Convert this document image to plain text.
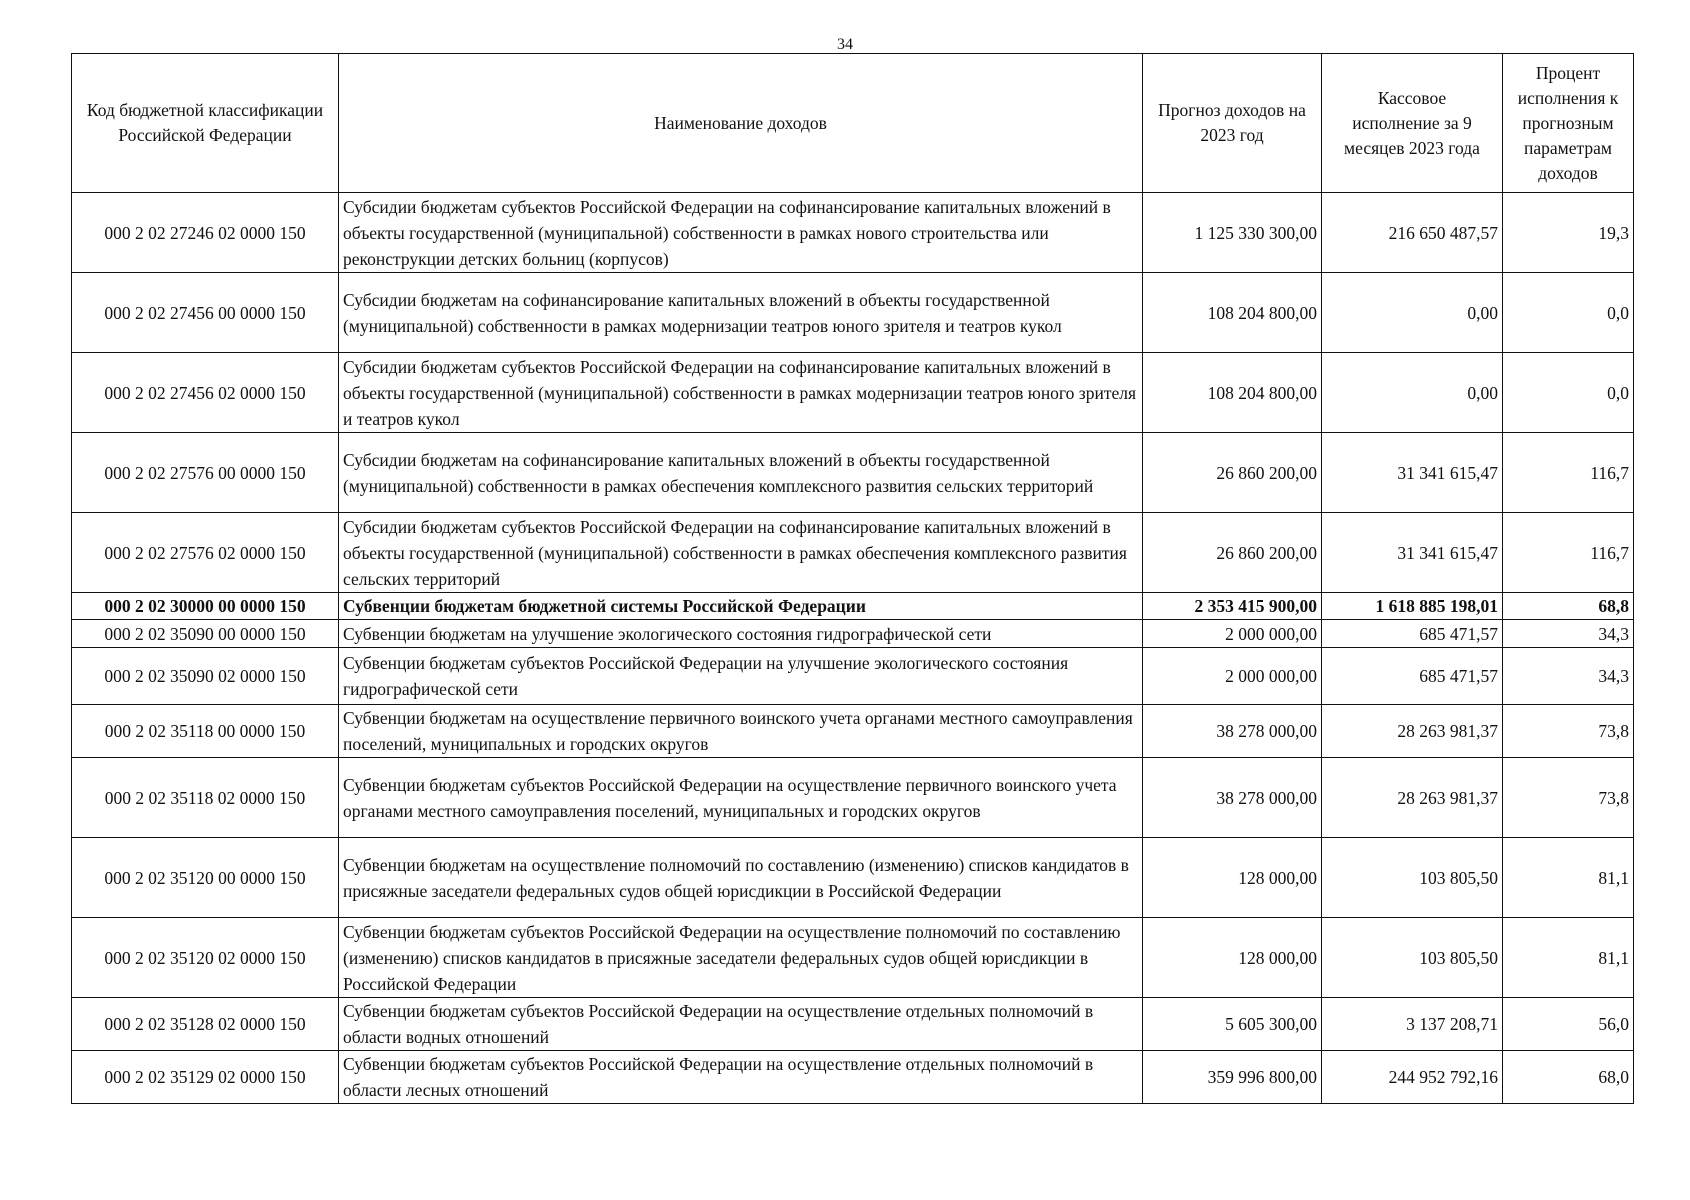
34
Код бюджетной классификации Российской Федерации	Наименование доходов	Прогноз доходов на 2023 год	Кассовое исполнение за 9 месяцев 2023 года	Процент исполнения к прогнозным параметрам доходов
000 2 02 27246 02 0000 150	Субсидии бюджетам субъектов Российской Федерации на софинансирование капитальных вложений в объекты государственной (муниципальной) собственности в рамках нового строительства или реконструкции детских больниц (корпусов)	1 125 330 300,00	216 650 487,57	19,3
000 2 02 27456 00 0000 150	Субсидии бюджетам на софинансирование капитальных вложений в объекты государственной (муниципальной) собственности в рамках модернизации театров юного зрителя и театров кукол	108 204 800,00	0,00	0,0
000 2 02 27456 02 0000 150	Субсидии бюджетам субъектов Российской Федерации на софинансирование капитальных вложений в объекты государственной (муниципальной) собственности в рамках модернизации театров юного зрителя и театров кукол	108 204 800,00	0,00	0,0
000 2 02 27576 00 0000 150	Субсидии бюджетам на софинансирование капитальных вложений в объекты государственной (муниципальной) собственности в рамках обеспечения комплексного развития сельских территорий	26 860 200,00	31 341 615,47	116,7
000 2 02 27576 02 0000 150	Субсидии бюджетам субъектов Российской Федерации на софинансирование капитальных вложений в объекты государственной (муниципальной) собственности в рамках обеспечения комплексного развития сельских территорий	26 860 200,00	31 341 615,47	116,7
000 2 02 30000 00 0000 150	Субвенции бюджетам бюджетной системы Российской Федерации	2 353 415 900,00	1 618 885 198,01	68,8
000 2 02 35090 00 0000 150	Субвенции бюджетам на улучшение экологического состояния гидрографической сети	2 000 000,00	685 471,57	34,3
000 2 02 35090 02 0000 150	Субвенции бюджетам субъектов Российской Федерации на улучшение экологического состояния гидрографической сети	2 000 000,00	685 471,57	34,3
000 2 02 35118 00 0000 150	Субвенции бюджетам на осуществление первичного воинского учета органами местного самоуправления поселений, муниципальных и городских округов	38 278 000,00	28 263 981,37	73,8
000 2 02 35118 02 0000 150	Субвенции бюджетам субъектов Российской Федерации на осуществление первичного воинского учета органами местного самоуправления поселений, муниципальных и городских округов	38 278 000,00	28 263 981,37	73,8
000 2 02 35120 00 0000 150	Субвенции бюджетам на осуществление полномочий по составлению (изменению) списков кандидатов в присяжные заседатели федеральных судов общей юрисдикции в Российской Федерации	128 000,00	103 805,50	81,1
000 2 02 35120 02 0000 150	Субвенции бюджетам субъектов Российской Федерации на осуществление полномочий по составлению (изменению) списков кандидатов в присяжные заседатели федеральных судов общей юрисдикции в Российской Федерации	128 000,00	103 805,50	81,1
000 2 02 35128 02 0000 150	Субвенции бюджетам субъектов Российской Федерации на осуществление отдельных полномочий в области водных отношений	5 605 300,00	3 137 208,71	56,0
000 2 02 35129 02 0000 150	Субвенции бюджетам субъектов Российской Федерации на осуществление отдельных полномочий в области лесных отношений	359 996 800,00	244 952 792,16	68,0
